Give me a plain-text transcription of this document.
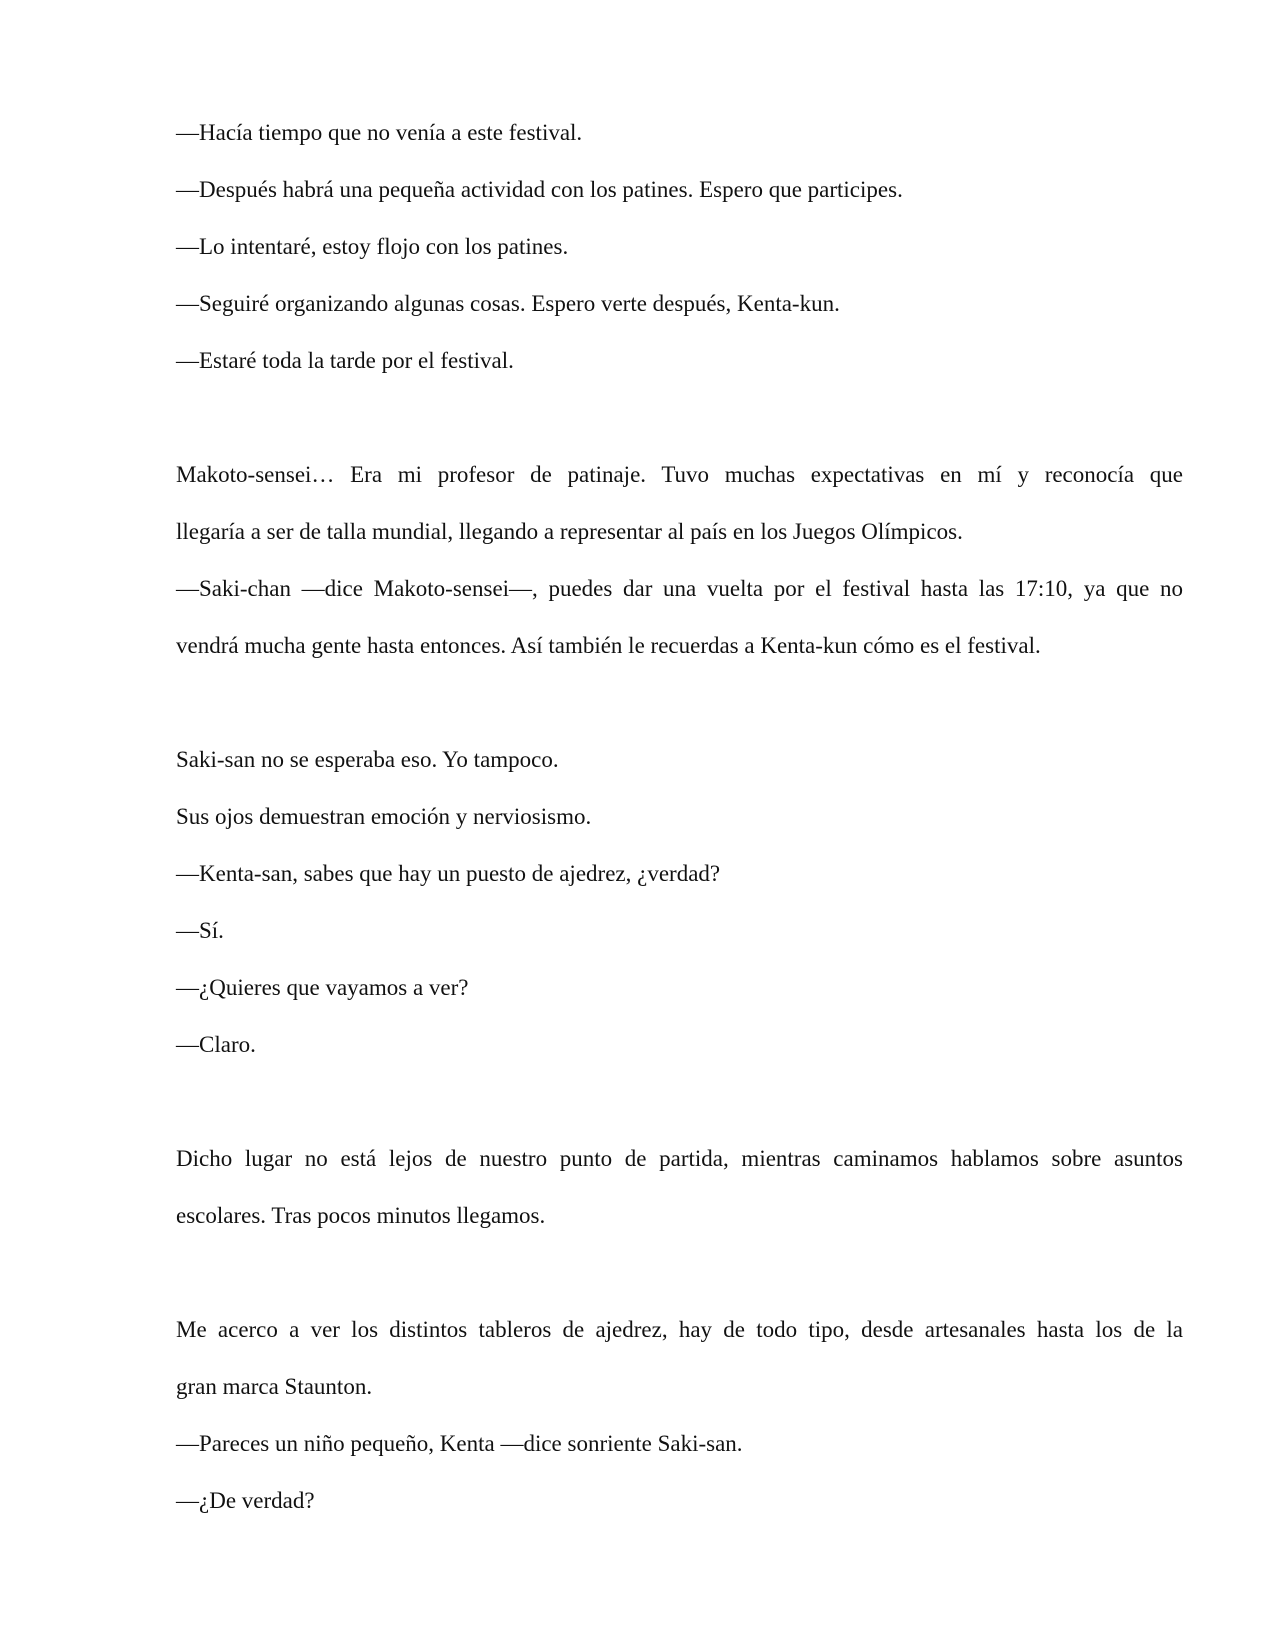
—Hacía tiempo que no venía a este festival.
—Después habrá una pequeña actividad con los patines. Espero que participes.
—Lo intentaré, estoy flojo con los patines.
—Seguiré organizando algunas cosas. Espero verte después, Kenta-kun.
—Estaré toda la tarde por el festival.
Makoto-sensei… Era mi profesor de patinaje. Tuvo muchas expectativas en mí y reconocía que
llegaría a ser de talla mundial, llegando a representar al país en los Juegos Olímpicos.
—Saki-chan —dice Makoto-sensei—, puedes dar una vuelta por el festival hasta las 17:10, ya que no
vendrá mucha gente hasta entonces. Así también le recuerdas a Kenta-kun cómo es el festival.
Saki-san no se esperaba eso. Yo tampoco.
Sus ojos demuestran emoción y nerviosismo.
—Kenta-san, sabes que hay un puesto de ajedrez, ¿verdad?
—Sí.
—¿Quieres que vayamos a ver?
—Claro.
Dicho lugar no está lejos de nuestro punto de partida, mientras caminamos hablamos sobre asuntos
escolares. Tras pocos minutos llegamos.
Me acerco a ver los distintos tableros de ajedrez, hay de todo tipo, desde artesanales hasta los de la
gran marca Staunton.
—Pareces un niño pequeño, Kenta —dice sonriente Saki-san.
—¿De verdad?
